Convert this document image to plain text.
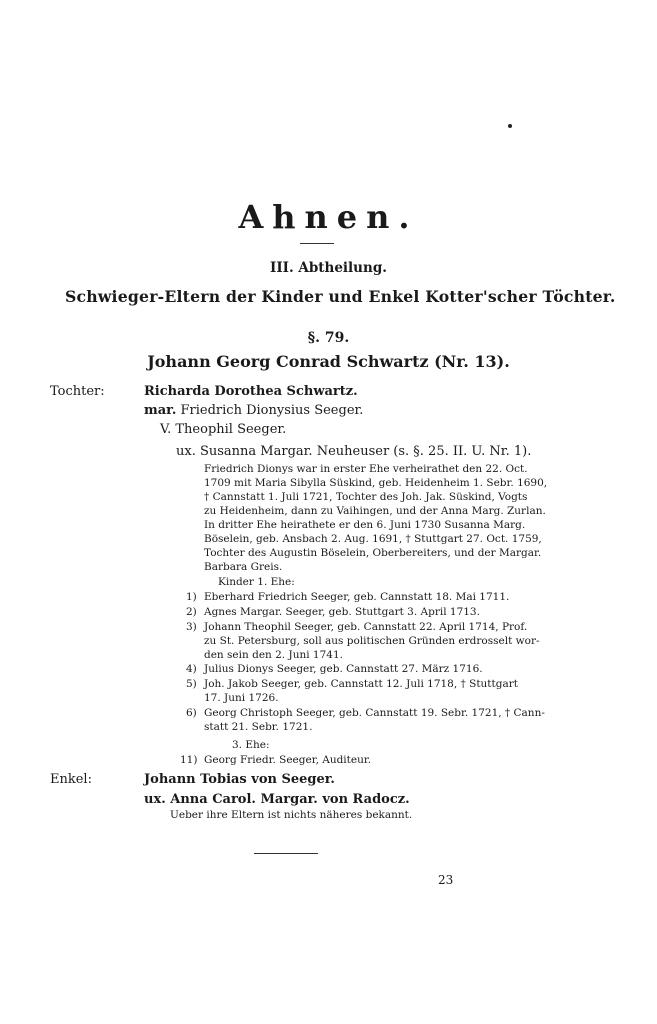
Ahnen.
III. Abtheilung.
Schwieger-Eltern der Kinder und Enkel Kotter'scher Töchter.
§. 79.
Johann Georg Conrad Schwartz (Nr. 13).
Tochter:	Richarda Dorothea Schwartz.
mar. Friedrich Dionysius Seeger.
V. Theophil Seeger.
ux. Susanna Margar. Neuheuser (s. §. 25. II. U. Nr. 1).
Friedrich Dionys war in erster Ehe verheirathet den 22. Oct.
1709 mit Maria Sibylla Süskind, geb. Heidenheim 1. Sebr. 1690,
† Cannstatt 1. Juli 1721, Tochter des Joh. Jak. Süskind, Vogts
zu Heidenheim, dann zu Vaihingen, und der Anna Marg. Zurlan.
In dritter Ehe heirathete er den 6. Juni 1730 Susanna Marg.
Böselein, geb. Ansbach 2. Aug. 1691, † Stuttgart 27. Oct. 1759,
Tochter des Augustin Böselein, Oberbereiters, und der Margar.
Barbara Greis.
Kinder 1. Ehe:
1) Eberhard Friedrich Seeger, geb. Cannstatt 18. Mai 1711.
2) Agnes Margar. Seeger, geb. Stuttgart 3. April 1713.
3) Johann Theophil Seeger, geb. Cannstatt 22. April 1714, Prof.
zu St. Petersburg, soll aus politischen Gründen erdrosselt wor-
den sein den 2. Juni 1741.
4) Julius Dionys Seeger, geb. Cannstatt 27. März 1716.
5) Joh. Jakob Seeger, geb. Cannstatt 12. Juli 1718, † Stuttgart
17. Juni 1726.
6) Georg Christoph Seeger, geb. Cannstatt 19. Sebr. 1721, † Cann-
statt 21. Sebr. 1721.
3. Ehe:
11) Georg Friedr. Seeger, Auditeur.
Enkel:	Johann Tobias von Seeger.
ux. Anna Carol. Margar. von Radocz.
Ueber ihre Eltern ist nichts näheres bekannt.
23
